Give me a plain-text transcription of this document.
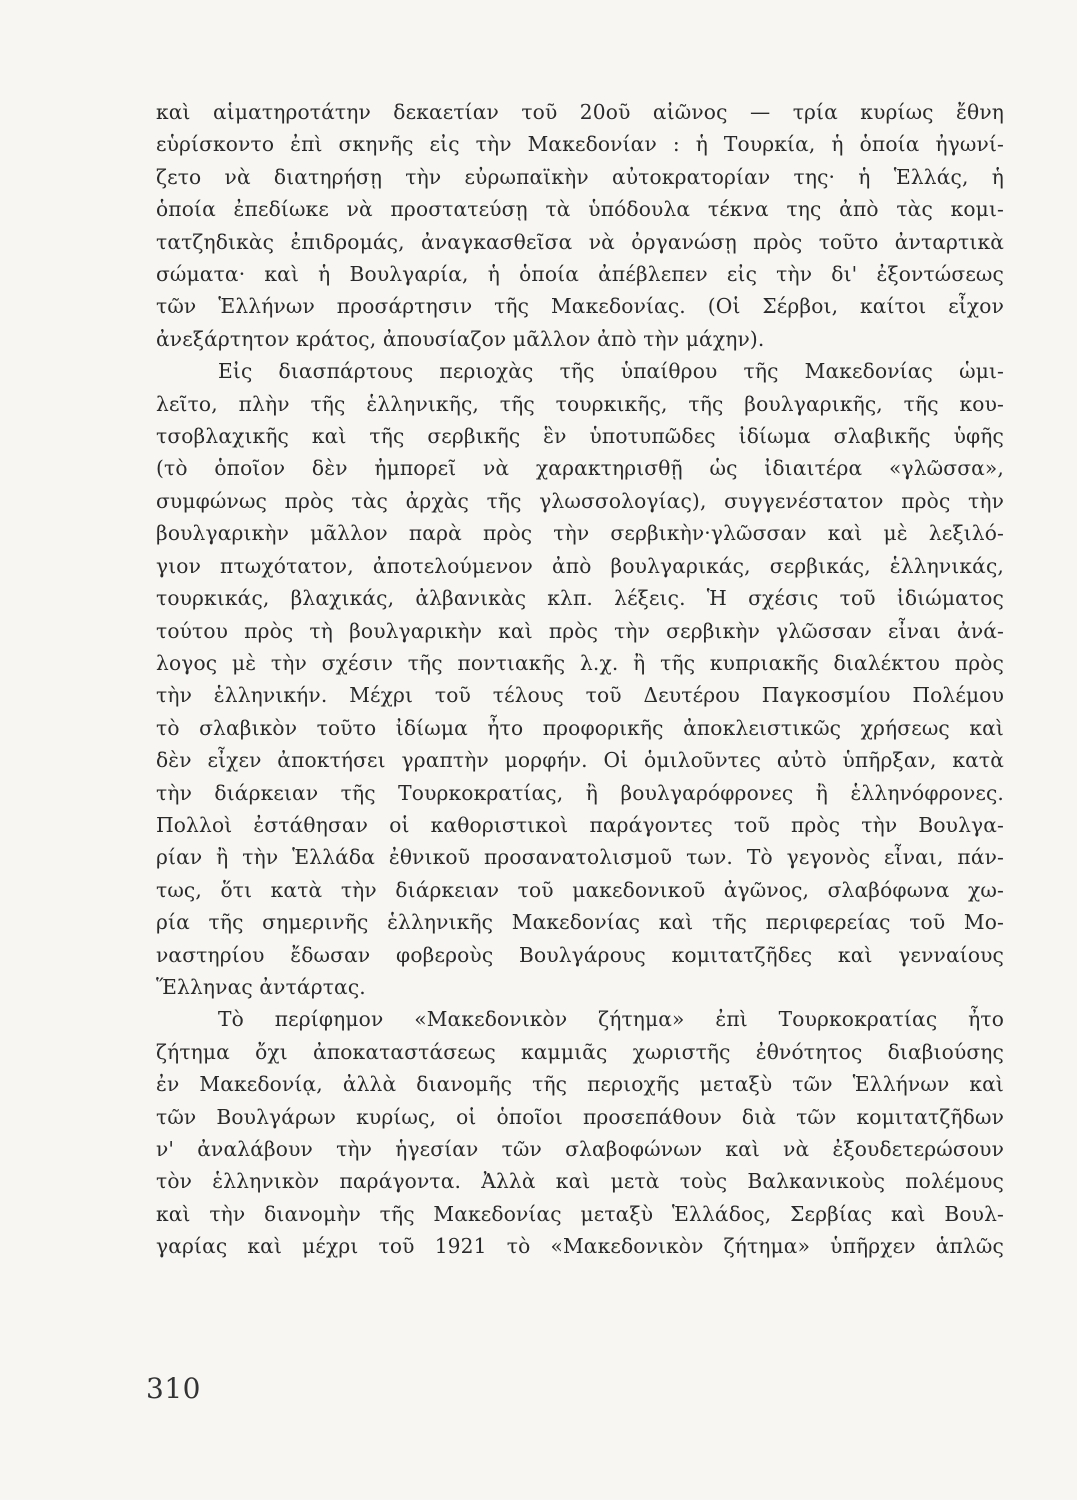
καὶ αἱματηροτάτην δεκαετίαν τοῦ 20οῦ αἰῶνος — τρία κυρίως ἔθνη
εὑρίσκοντο ἐπὶ σκηνῆς εἰς τὴν Μακεδονίαν : ἡ Τουρκία, ἡ ὁποία ἠγωνί-
ζετο νὰ διατηρήσῃ τὴν εὐρωπαϊκὴν αὐτοκρατορίαν της· ἡ Ἑλλάς, ἡ
ὁποία ἐπεδίωκε νὰ προστατεύσῃ τὰ ὑπόδουλα τέκνα της ἀπὸ τὰς κομι-
τατζηδικὰς ἐπιδρομάς, ἀναγκασθεῖσα νὰ ὀργανώσῃ πρὸς τοῦτο ἀνταρτικὰ
σώματα· καὶ ἡ Βουλγαρία, ἡ ὁποία ἀπέβλεπεν εἰς τὴν δι' ἐξοντώσεως
τῶν Ἑλλήνων προσάρτησιν τῆς Μακεδονίας. (Οἱ Σέρβοι, καίτοι εἶχον
ἀνεξάρτητον κράτος, ἀπουσίαζον μᾶλλον ἀπὸ τὴν μάχην).
Εἰς διασπάρτους περιοχὰς τῆς ὑπαίθρου τῆς Μακεδονίας ὡμι-
λεῖτο, πλὴν τῆς ἑλληνικῆς, τῆς τουρκικῆς, τῆς βουλγαρικῆς, τῆς κου-
τσοβλαχικῆς καὶ τῆς σερβικῆς ἓν ὑποτυπῶδες ἰδίωμα σλαβικῆς ὑφῆς
(τὸ ὁποῖον δὲν ἠμπορεῖ νὰ χαρακτηρισθῇ ὡς ἰδιαιτέρα «γλῶσσα»,
συμφώνως πρὸς τὰς ἀρχὰς τῆς γλωσσολογίας), συγγενέστατον πρὸς τὴν
βουλγαρικὴν μᾶλλον παρὰ πρὸς τὴν σερβικὴν·γλῶσσαν καὶ μὲ λεξιλό-
γιον πτωχότατον, ἀποτελούμενον ἀπὸ βουλγαρικάς, σερβικάς, ἑλληνικάς,
τουρκικάς, βλαχικάς, ἀλβανικὰς κλπ. λέξεις. Ἡ σχέσις τοῦ ἰδιώματος
τούτου πρὸς τὴ βουλγαρικὴν καὶ πρὸς τὴν σερβικὴν γλῶσσαν εἶναι ἀνά-
λογος μὲ τὴν σχέσιν τῆς ποντιακῆς λ.χ. ἢ τῆς κυπριακῆς διαλέκτου πρὸς
τὴν ἑλληνικήν. Μέχρι τοῦ τέλους τοῦ Δευτέρου Παγκοσμίου Πολέμου
τὸ σλαβικὸν τοῦτο ἰδίωμα ἦτο προφορικῆς ἀποκλειστικῶς χρήσεως καὶ
δὲν εἶχεν ἀποκτήσει γραπτὴν μορφήν. Οἱ ὁμιλοῦντες αὐτὸ ὑπῆρξαν, κατὰ
τὴν διάρκειαν τῆς Τουρκοκρατίας, ἢ βουλγαρόφρονες ἢ ἑλληνόφρονες.
Πολλοὶ ἐστάθησαν οἱ καθοριστικοὶ παράγοντες τοῦ πρὸς τὴν Βουλγα-
ρίαν ἢ τὴν Ἑλλάδα ἐθνικοῦ προσανατολισμοῦ των. Τὸ γεγονὸς εἶναι, πάν-
τως, ὅτι κατὰ τὴν διάρκειαν τοῦ μακεδονικοῦ ἀγῶνος, σλαβόφωνα χω-
ρία τῆς σημερινῆς ἑλληνικῆς Μακεδονίας καὶ τῆς περιφερείας τοῦ Μο-
ναστηρίου ἔδωσαν φοβεροὺς Βουλγάρους κομιτατζῆδες καὶ γενναίους
Ἕλληνας ἀντάρτας.
Τὸ περίφημον «Μακεδονικὸν ζήτημα» ἐπὶ Τουρκοκρατίας ἦτο
ζήτημα ὄχι ἀποκαταστάσεως καμμιᾶς χωριστῆς ἐθνότητος διαβιούσης
ἐν Μακεδονίᾳ, ἀλλὰ διανομῆς τῆς περιοχῆς μεταξὺ τῶν Ἑλλήνων καὶ
τῶν Βουλγάρων κυρίως, οἱ ὁποῖοι προσεπάθουν διὰ τῶν κομιτατζῆδων
ν' ἀναλάβουν τὴν ἡγεσίαν τῶν σλαβοφώνων καὶ νὰ ἐξουδετερώσουν
τὸν ἑλληνικὸν παράγοντα. Ἀλλὰ καὶ μετὰ τοὺς Βαλκανικοὺς πολέμους
καὶ τὴν διανομὴν τῆς Μακεδονίας μεταξὺ Ἑλλάδος, Σερβίας καὶ Βουλ-
γαρίας καὶ μέχρι τοῦ 1921 τὸ «Μακεδονικὸν ζήτημα» ὑπῆρχεν ἁπλῶς
310
